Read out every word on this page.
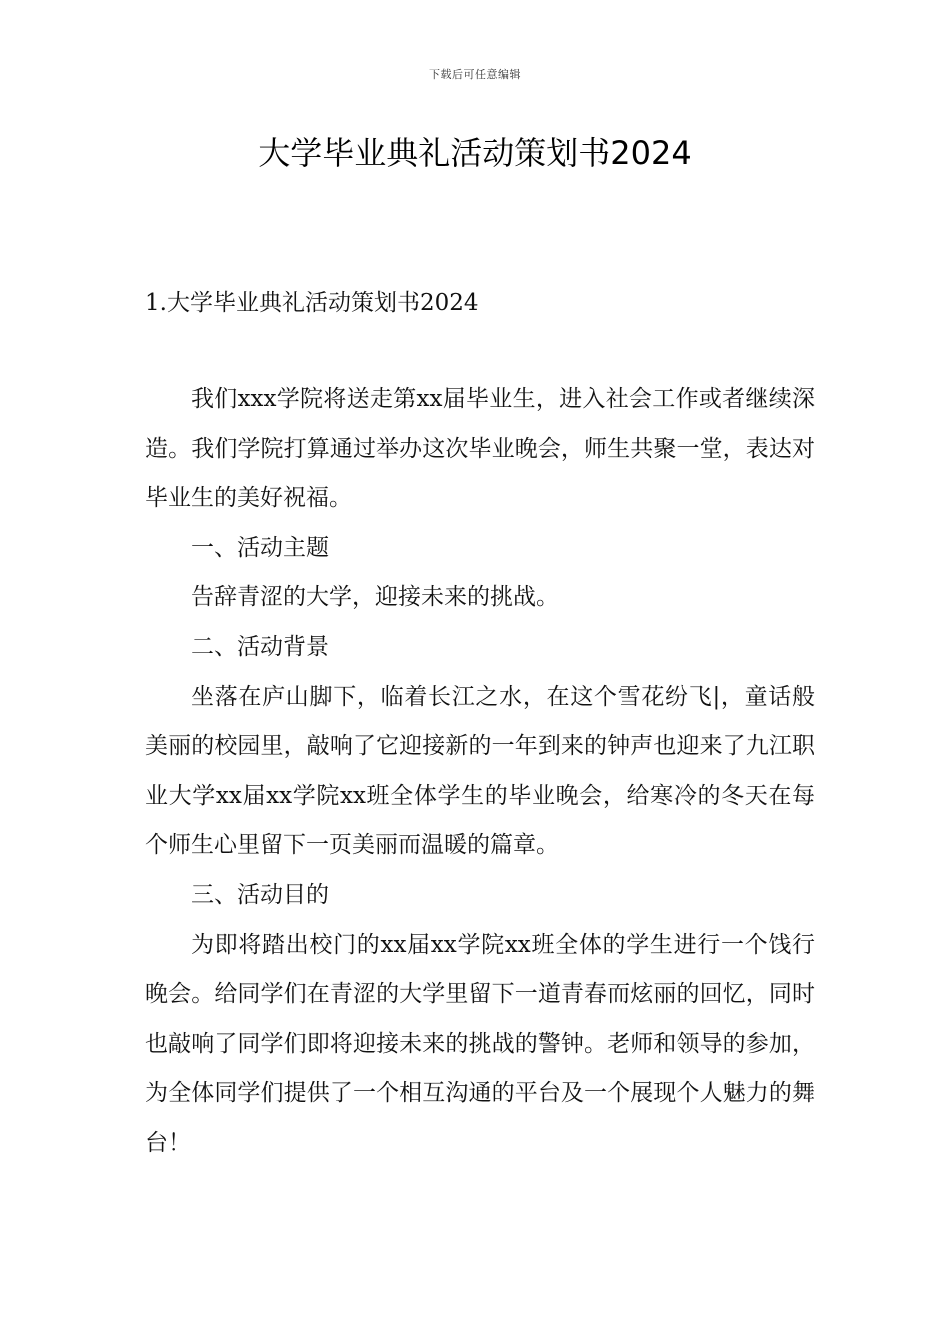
下载后可任意编辑
大学毕业典礼活动策划书2024
1.大学毕业典礼活动策划书2024

我们xxx学院将送走第xx届毕业生，进入社会工作或者继续深造。我们学院打算通过举办这次毕业晚会，师生共聚一堂，表达对毕业生的美好祝福。

一、活动主题

告辞青涩的大学，迎接未来的挑战。

二、活动背景

坐落在庐山脚下，临着长江之水，在这个雪花纷飞|，童话般美丽的校园里，敲响了它迎接新的一年到来的钟声也迎来了九江职业大学xx届xx学院xx班全体学生的毕业晚会，给寒冷的冬天在每个师生心里留下一页美丽而温暖的篇章。

三、活动目的

为即将踏出校门的xx届xx学院xx班全体的学生进行一个饯行晚会。给同学们在青涩的大学里留下一道青春而炫丽的回忆，同时也敲响了同学们即将迎接未来的挑战的警钟。老师和领导的参加，为全体同学们提供了一个相互沟通的平台及一个展现个人魅力的舞台！
